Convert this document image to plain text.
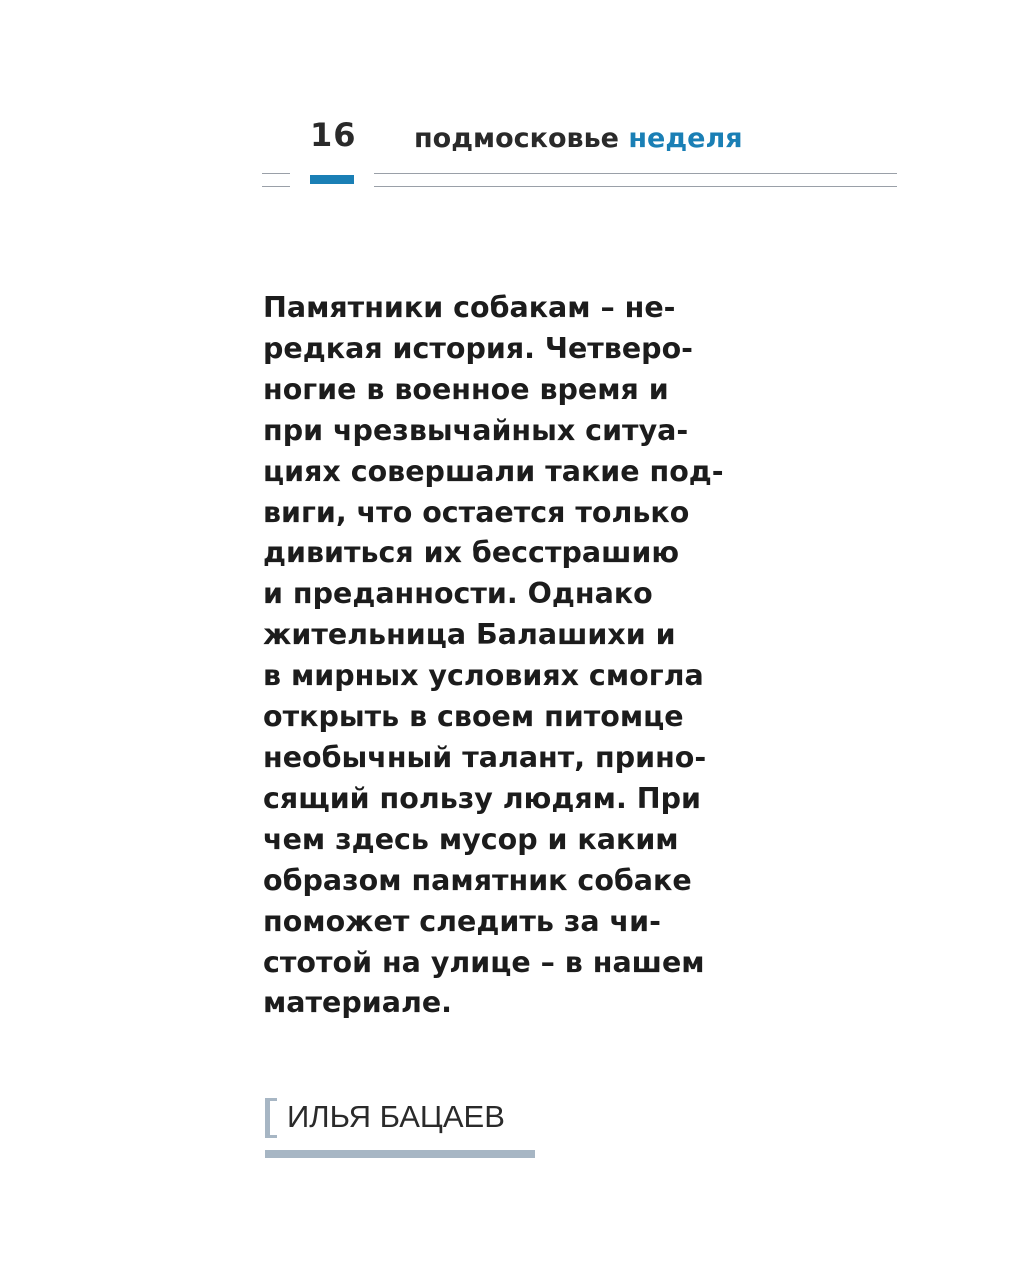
16 подмосковье неделя
Памятники собакам – не-
редкая история. Четверо-
ногие в военное время и
при чрезвычайных ситуа-
циях совершали такие под-
виги, что остается только
дивиться их бесстрашию
и преданности. Однако
жительница Балашихи и
в мирных условиях смогла
открыть в своем питомце
необычный талант, прино-
сящий пользу людям. При
чем здесь мусор и каким
образом памятник собаке
поможет следить за чи-
стотой на улице – в нашем
материале.
ИЛЬЯ БАЦАЕВ
